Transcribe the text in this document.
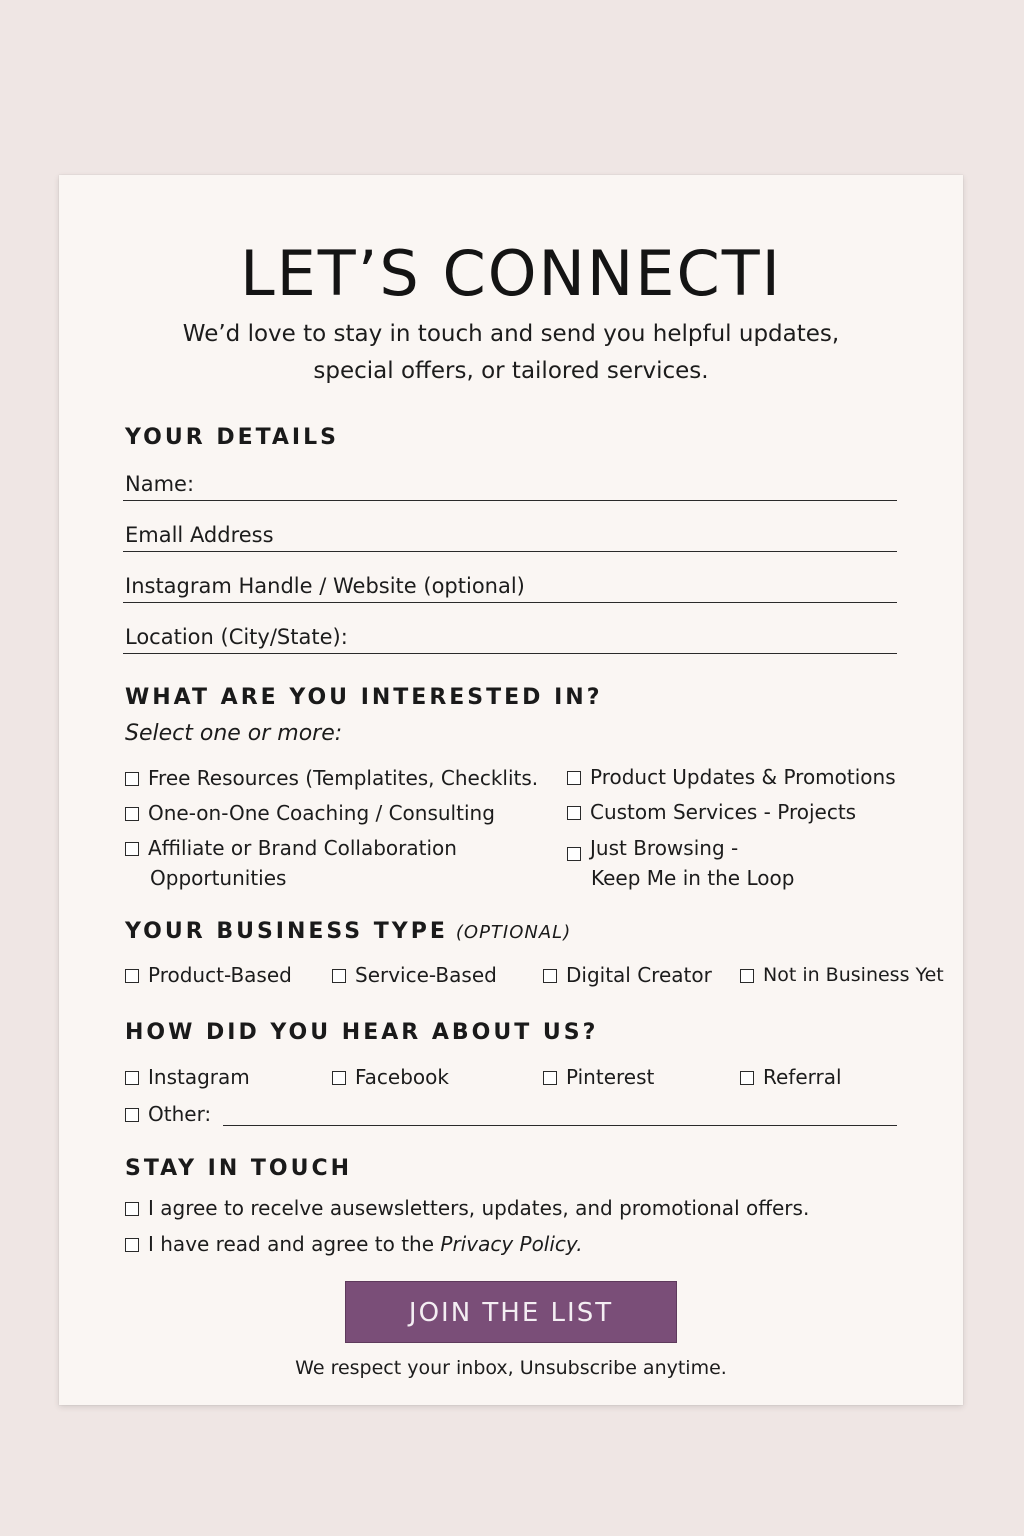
LET’S CONNECTI
We’d love to stay in touch and send you helpful updates,
special offers, or tailored services.
YOUR DETAILS
Name:
Emall Address
Instagram Handle / Website (optional)
Location (City/State):
WHAT ARE YOU INTERESTED IN?
Select one or more:
Free Resources (Templatites, Checklits.
One-on-One Coaching / Consulting
Affiliate or Brand Collaboration
Opportunities
Product Updates & Promotions
Custom Services - Projects
Just Browsing -
Keep Me in the Loop
YOUR BUSINESS TYPE (OPTIONAL)
Product-Based	Service-Based	Digital Creator	Not in Business Yet
HOW DID YOU HEAR ABOUT US?
Instagram	Facebook	Pinterest	Referral
Other:
STAY IN TOUCH
I agree to recelve ausewsletters, updates, and promotional offers.
I have read and agree to the Privacy Policy.
JOIN THE LIST
We respect your inbox, Unsubscribe anytime.
